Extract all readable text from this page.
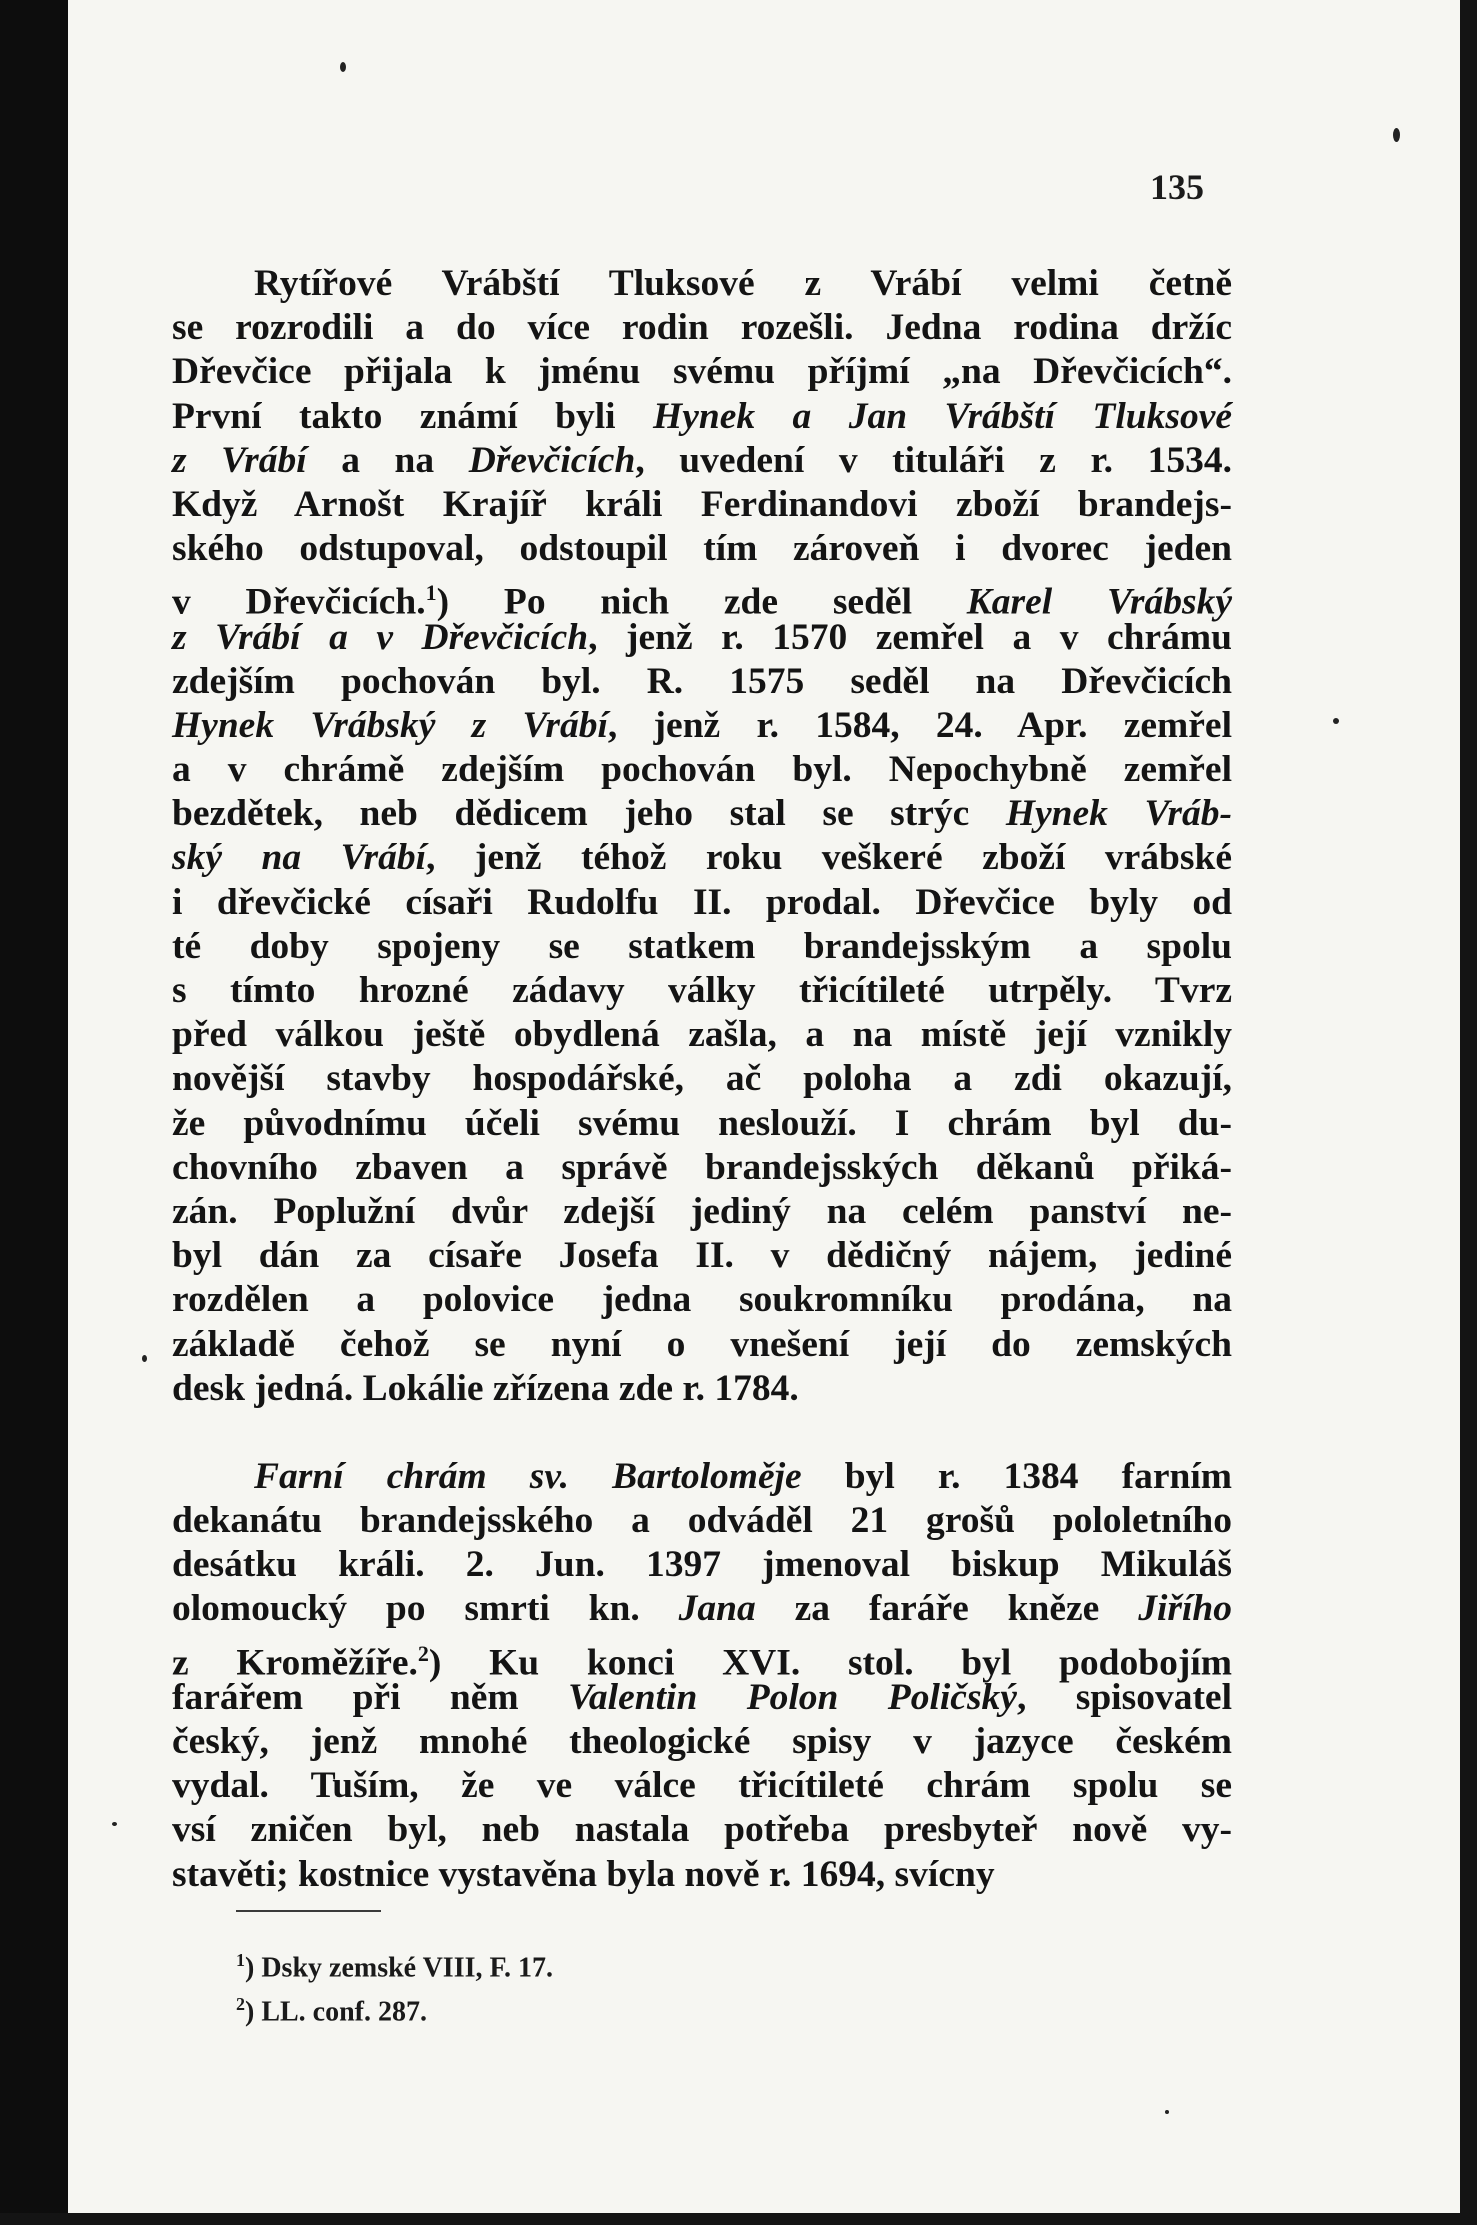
135
Rytířové Vrábští Tluksové z Vrábí velmi četně
se rozrodili a do více rodin rozešli. Jedna rodina držíc
Dřevčice přijala k jménu svému příjmí „na Dřevčicích“.
První takto známí byli Hynek a Jan Vrábští Tluksové
z Vrábí a na Dřevčicích, uvedení v tituláři z r. 1534.
Když Arnošt Krajíř králi Ferdinandovi zboží brandejs-
ského odstupoval, odstoupil tím zároveň i dvorec jeden
v Dřevčicích.$^1$) Po nich zde seděl Karel Vrábský
z Vrábí a v Dřevčicích, jenž r. 1570 zemřel a v chrámu
zdejším pochován byl. R. 1575 seděl na Dřevčicích
Hynek Vrábský z Vrábí, jenž r. 1584, 24. Apr. zemřel
a v chrámě zdejším pochován byl. Nepochybně zemřel
bezdětek, neb dědicem jeho stal se strýc Hynek Vráb-
ský na Vrábí, jenž téhož roku veškeré zboží vrábské
i dřevčické císaři Rudolfu II. prodal. Dřevčice byly od
té doby spojeny se statkem brandejsským a spolu
s tímto hrozné zádavy války třicítileté utrpěly. Tvrz
před válkou ještě obydlená zašla, a na místě její vznikly
novější stavby hospodářské, ač poloha a zdi okazují,
že původnímu účeli svému neslouží. I chrám byl du-
chovního zbaven a správě brandejsských děkanů přiká-
zán. Poplužní dvůr zdejší jediný na celém panství ne-
byl dán za císaře Josefa II. v dědičný nájem, jediné
rozdělen a polovice jedna soukromníku prodána, na
základě čehož se nyní o vnešení její do zemských
desk jedná. Lokálie zřízena zde r. 1784.
Farní chrám sv. Bartoloměje byl r. 1384 farním
dekanátu brandejsského a odváděl 21 grošů pololetního
desátku králi. 2. Jun. 1397 jmenoval biskup Mikuláš
olomoucký po smrti kn. Jana za faráře kněze Jiřího
z Kroměžíře.$^2$) Ku konci XVI. stol. byl podobojím
farářem při něm Valentin Polon Poličský, spisovatel
český, jenž mnohé theologické spisy v jazyce českém
vydal. Tuším, že ve válce třicítileté chrám spolu se
vsí zničen byl, neb nastala potřeba presbyteř nově vy-
stavěti; kostnice vystavěna byla nově r. 1694, svícny
$^1$) Dsky zemské VIII, F. 17.
$^2$) LL. conf. 287.
